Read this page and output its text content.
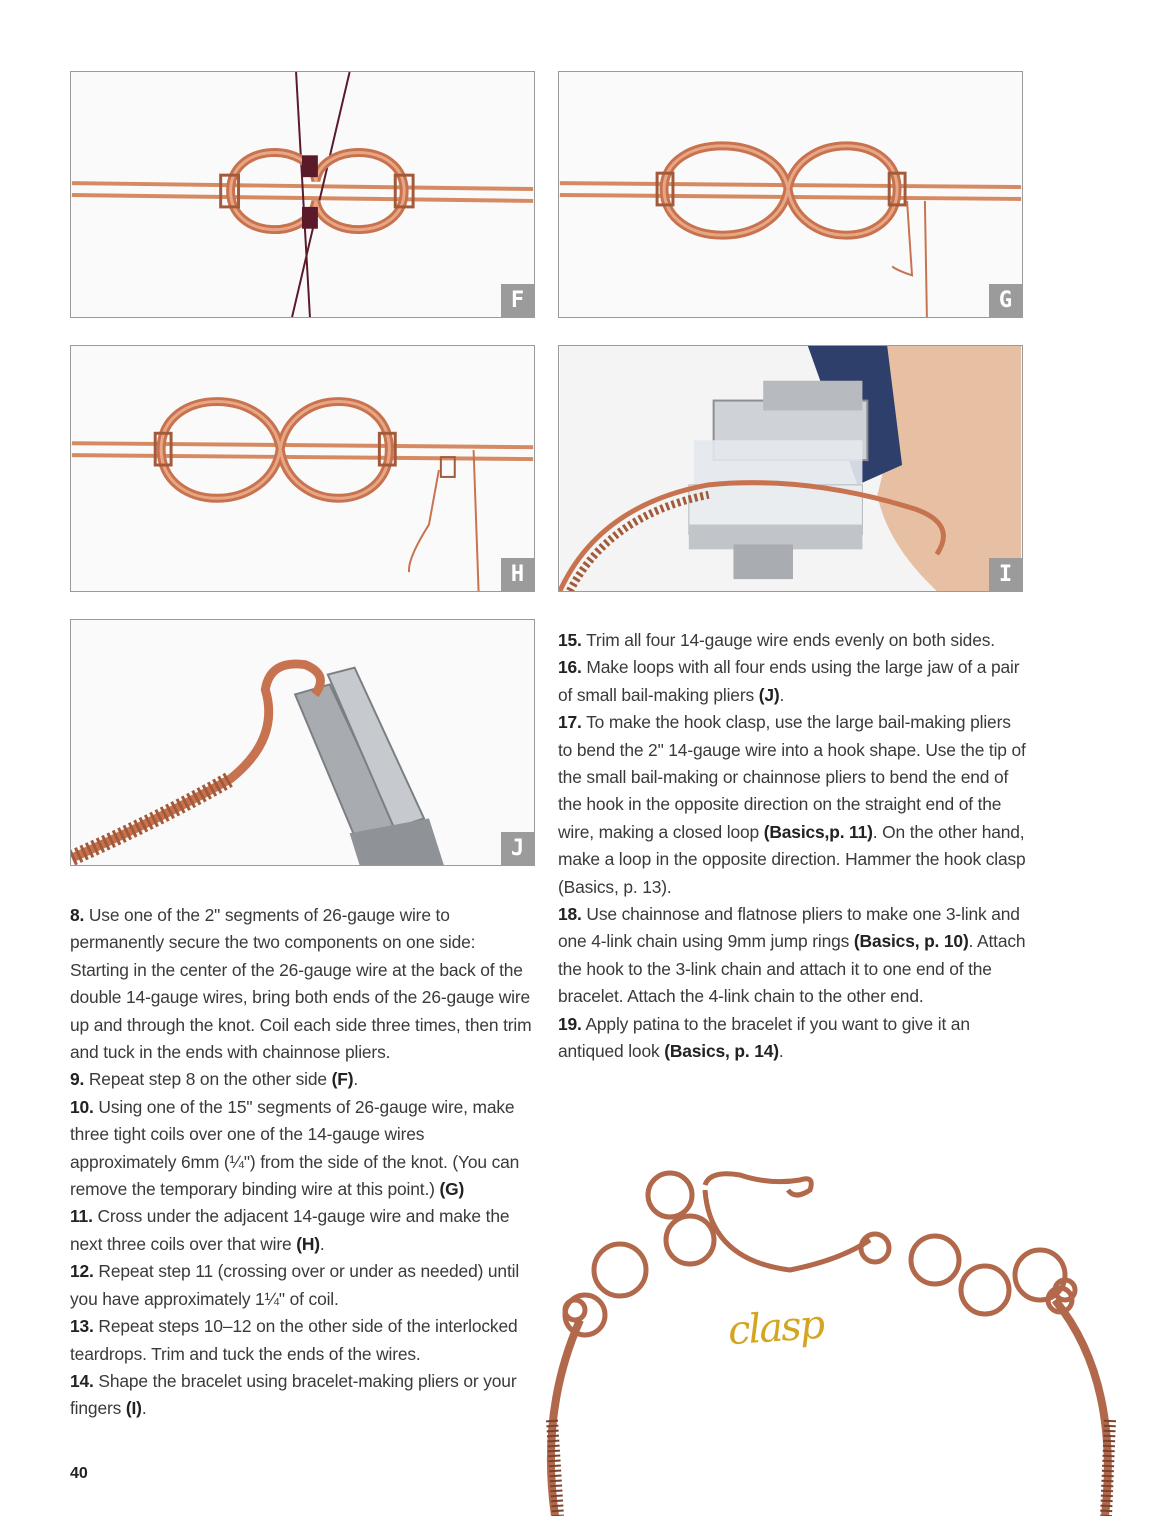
F	G
H	I
J

8. Use one of the 2" segments of 26-gauge wire to permanently secure the two components on one side: Starting in the center of the 26-gauge wire at the back of the double 14-gauge wires, bring both ends of the 26-gauge wire up and through the knot. Coil each side three times, then trim and tuck in the ends with chainnose pliers.

9. Repeat step 8 on the other side (F).

10. Using one of the 15" segments of 26-gauge wire, make three tight coils over one of the 14-gauge wires approximately 6mm (¼") from the side of the knot. (You can remove the temporary binding wire at this point.) (G)

11. Cross under the adjacent 14-gauge wire and make the next three coils over that wire (H).

12. Repeat step 11 (crossing over or under as needed) until you have approximately 1¼" of coil.

13. Repeat steps 10–12 on the other side of the interlocked teardrops. Trim and tuck the ends of the wires.

14. Shape the bracelet using bracelet-making pliers or your fingers (I).

15. Trim all four 14-gauge wire ends evenly on both sides.

16. Make loops with all four ends using the large jaw of a pair of small bail-making pliers (J).

17. To make the hook clasp, use the large bail-making pliers to bend the 2" 14-gauge wire into a hook shape. Use the tip of the small bail-making or chainnose pliers to bend the end of the hook in the opposite direction on the straight end of the wire, making a closed loop (Basics,p. 11). On the other hand, make a loop in the opposite direction. Hammer the hook clasp (Basics, p. 13).

18. Use chainnose and flatnose pliers to make one 3-link and one 4-link chain using 9mm jump rings (Basics, p. 10). Attach the hook to the 3-link chain and attach it to one end of the bracelet. Attach the 4-link chain to the other end.

19. Apply patina to the bracelet if you want to give it an antiqued look (Basics, p. 14).

clasp
40
